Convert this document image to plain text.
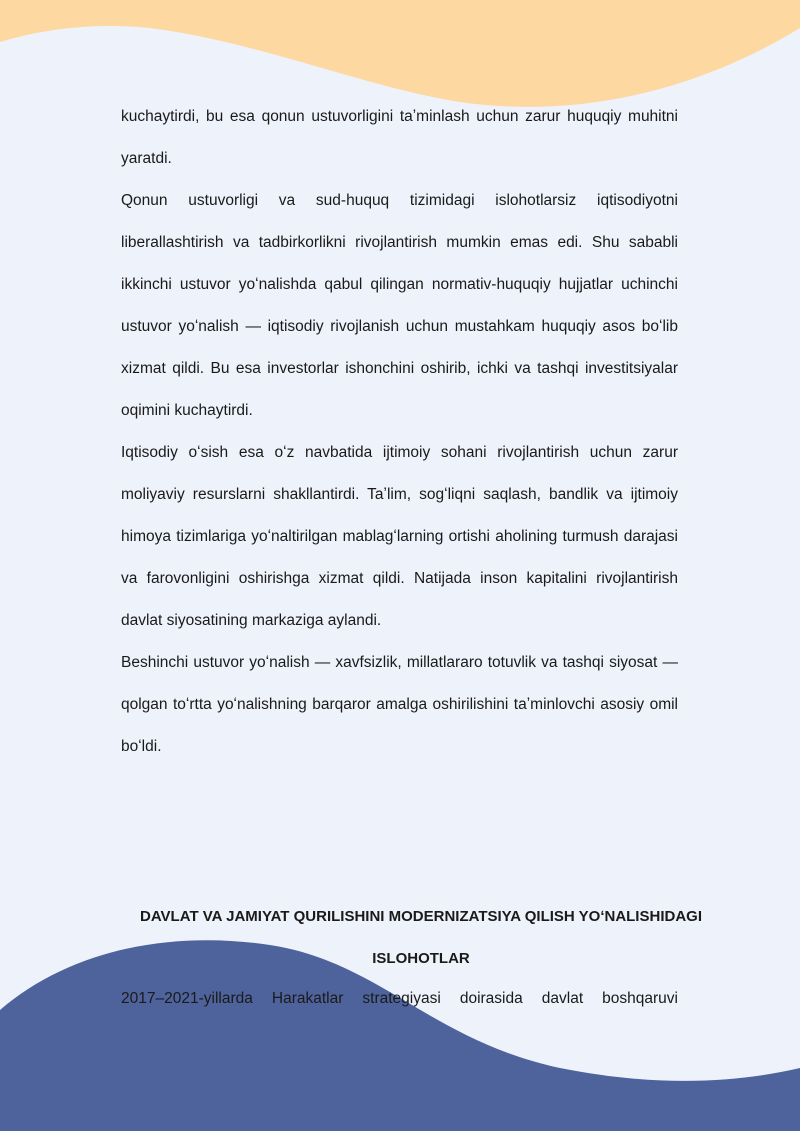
kuchaytirdi, bu esa qonun ustuvorligini taʼminlash uchun zarur huquqiy muhitni yaratdi.

Qonun ustuvorligi va sud-huquq tizimidagi islohotlarsiz iqtisodiyotni liberallashtirish va tadbirkorlikni rivojlantirish mumkin emas edi. Shu sababli ikkinchi ustuvor yoʻnalishda qabul qilingan normativ-huquqiy hujjatlar uchinchi ustuvor yoʻnalish — iqtisodiy rivojlanish uchun mustahkam huquqiy asos boʻlib xizmat qildi. Bu esa investorlar ishonchini oshirib, ichki va tashqi investitsiyalar oqimini kuchaytirdi.

Iqtisodiy oʻsish esa oʻz navbatida ijtimoiy sohani rivojlantirish uchun zarur moliyaviy resurslarni shakllantirdi. Taʼlim, sogʻliqni saqlash, bandlik va ijtimoiy himoya tizimlariga yoʻnaltirilgan mablagʻlarning ortishi aholining turmush darajasi va farovonligini oshirishga xizmat qildi. Natijada inson kapitalini rivojlantirish davlat siyosatining markaziga aylandi.

Beshinchi ustuvor yoʻnalish — xavfsizlik, millatlararo totuvlik va tashqi siyosat — qolgan toʻrtta yoʻnalishning barqaror amalga oshirilishini taʼminlovchi asosiy omil boʻldi.

DAVLAT VA JAMIYAT QURILISHINI MODERNIZATSIYA QILISH YOʻNALISHIDAGI
ISLOHOTLAR

2017–2021-yillarda Harakatlar strategiyasi doirasida davlat boshqaruvi
